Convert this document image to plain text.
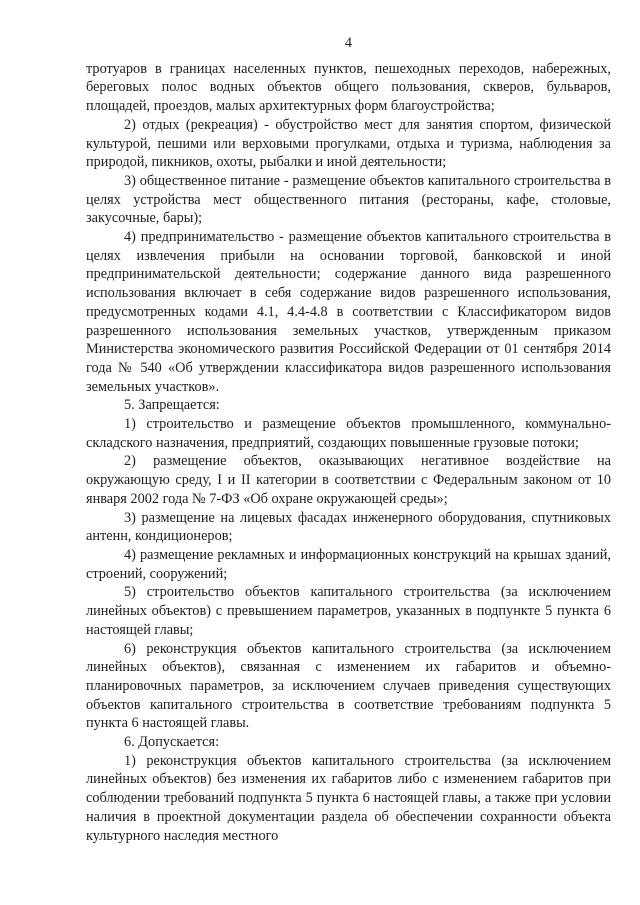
4

тротуаров в границах населенных пунктов, пешеходных переходов, набережных, береговых полос водных объектов общего пользования, скверов, бульваров, площадей, проездов, малых архитектурных форм благоустройства;

2) отдых (рекреация) - обустройство мест для занятия спортом, физической культурой, пешими или верховыми прогулками, отдыха и туризма, наблюдения за природой, пикников, охоты, рыбалки и иной деятельности;

3) общественное питание - размещение объектов капитального строительства в целях устройства мест общественного питания (рестораны, кафе, столовые, закусочные, бары);

4) предпринимательство - размещение объектов капитального строительства в целях извлечения прибыли на основании торговой, банковской и иной предпринимательской деятельности; содержание данного вида разрешенного использования включает в себя содержание видов разрешенного использования, предусмотренных кодами 4.1, 4.4-4.8 в соответствии с Классификатором видов разрешенного использования земельных участков, утвержденным приказом Министерства экономического развития Российской Федерации от 01 сентября 2014 года № 540 «Об утверждении классификатора видов разрешенного использования земельных участков».

5. Запрещается:

1) строительство и размещение объектов промышленного, коммунально-складского назначения, предприятий, создающих повышенные грузовые потоки;

2) размещение объектов, оказывающих негативное воздействие на окружающую среду, I и II категории в соответствии с Федеральным законом от 10 января 2002 года № 7-ФЗ «Об охране окружающей среды»;

3) размещение на лицевых фасадах инженерного оборудования, спутниковых антенн, кондиционеров;

4) размещение рекламных и информационных конструкций на крышах зданий, строений, сооружений;

5) строительство объектов капитального строительства (за исключением линейных объектов) с превышением параметров, указанных в подпункте 5 пункта 6 настоящей главы;

6) реконструкция объектов капитального строительства (за исключением линейных объектов), связанная с изменением их габаритов и объемно-планировочных параметров, за исключением случаев приведения существующих объектов капитального строительства в соответствие требованиям подпункта 5 пункта 6 настоящей главы.

6. Допускается:

1) реконструкция объектов капитального строительства (за исключением линейных объектов) без изменения их габаритов либо с изменением габаритов при соблюдении требований подпункта 5 пункта 6 настоящей главы, а также при условии наличия в проектной документации раздела об обеспечении сохранности объекта культурного наследия местного
